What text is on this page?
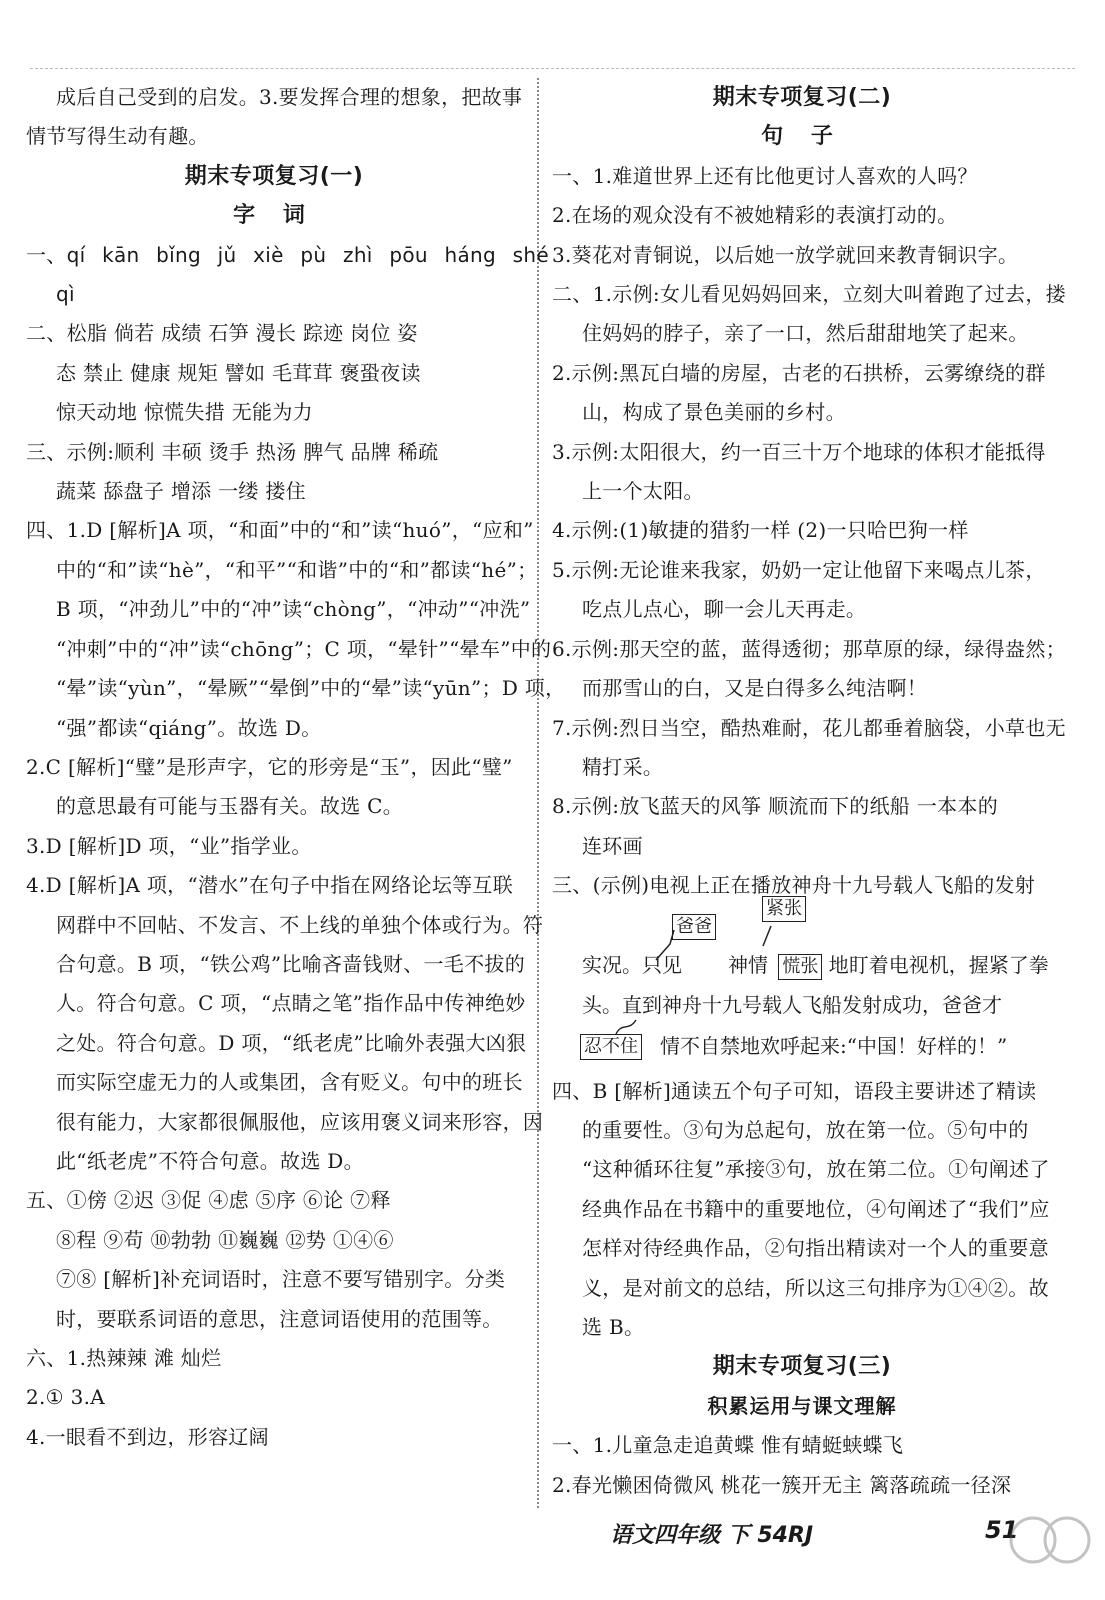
成后自己受到的启发。3.要发挥合理的想象，把故事
情节写得生动有趣。
期末专项复习(一)
字 词
一、qí kān bǐng jǔ xiè pù zhì pōu háng shé
qì
二、松脂 倘若 成绩 石笋 漫长 踪迹 岗位 姿
态 禁止 健康 规矩 譬如 毛茸茸 褒蛩夜读
惊天动地 惊慌失措 无能为力
三、示例:顺利 丰硕 烫手 热汤 脾气 品牌 稀疏
蔬菜 舔盘子 增添 一缕 搂住
四、1.D [解析]A 项，“和面”中的“和”读“huó”，“应和”
中的“和”读“hè”，“和平”“和谐”中的“和”都读“hé”；
B 项，“冲劲儿”中的“冲”读“chòng”，“冲动”“冲洗”
“冲刺”中的“冲”读“chōng”；C 项，“晕针”“晕车”中的
“晕”读“yùn”，“晕厥”“晕倒”中的“晕”读“yūn”；D 项，
“强”都读“qiáng”。故选 D。
2.C [解析]“璧”是形声字，它的形旁是“玉”，因此“璧”
的意思最有可能与玉器有关。故选 C。
3.D [解析]D 项，“业”指学业。
4.D [解析]A 项，“潜水”在句子中指在网络论坛等互联
网群中不回帖、不发言、不上线的单独个体或行为。符
合句意。B 项，“铁公鸡”比喻吝啬钱财、一毛不拔的
人。符合句意。C 项，“点睛之笔”指作品中传神绝妙
之处。符合句意。D 项，“纸老虎”比喻外表强大凶狠
而实际空虚无力的人或集团，含有贬义。句中的班长
很有能力，大家都很佩服他，应该用褒义词来形容，因
此“纸老虎”不符合句意。故选 D。
五、①傍 ②迟 ③促 ④虑 ⑤序 ⑥论 ⑦释
⑧程 ⑨苟 ⑩勃勃 ⑪巍巍 ⑫势 ①④⑥
⑦⑧ [解析]补充词语时，注意不要写错别字。分类
时，要联系词语的意思，注意词语使用的范围等。
六、1.热辣辣 滩 灿烂
2.① 3.A
4.一眼看不到边，形容辽阔
期末专项复习(二)
句 子
一、1.难道世界上还有比他更讨人喜欢的人吗？
2.在场的观众没有不被她精彩的表演打动的。
3.葵花对青铜说，以后她一放学就回来教青铜识字。
二、1.示例:女儿看见妈妈回来，立刻大叫着跑了过去，搂
住妈妈的脖子，亲了一口，然后甜甜地笑了起来。
2.示例:黑瓦白墙的房屋，古老的石拱桥，云雾缭绕的群
山，构成了景色美丽的乡村。
3.示例:太阳很大，约一百三十万个地球的体积才能抵得
上一个太阳。
4.示例:(1)敏捷的猎豹一样 (2)一只哈巴狗一样
5.示例:无论谁来我家，奶奶一定让他留下来喝点儿茶，
吃点儿点心，聊一会儿天再走。
6.示例:那天空的蓝，蓝得透彻；那草原的绿，绿得盎然；
而那雪山的白，又是白得多么纯洁啊！
7.示例:烈日当空，酷热难耐，花儿都垂着脑袋，小草也无
精打采。
8.示例:放飞蓝天的风筝 顺流而下的纸船 一本本的
连环画
三、(示例)电视上正在播放神舟十九号载人飞船的发射
实况。只见 神情 慌张 地盯着电视机，握紧了拳
爸爸
紧张
头。直到神舟十九号载人飞船发射成功，爸爸才
忍不住 情不自禁地欢呼起来:“中国！好样的！”
四、B [解析]通读五个句子可知，语段主要讲述了精读
的重要性。③句为总起句，放在第一位。⑤句中的
“这种循环往复”承接③句，放在第二位。①句阐述了
经典作品在书籍中的重要地位，④句阐述了“我们”应
怎样对待经典作品，②句指出精读对一个人的重要意
义，是对前文的总结，所以这三句排序为①④②。故
选 B。
期末专项复习(三)
积累运用与课文理解
一、1.儿童急走追黄蝶 惟有蜻蜓蛱蝶飞
2.春光懒困倚微风 桃花一簇开无主 篱落疏疏一径深
语文四年级 下 54RJ	51
